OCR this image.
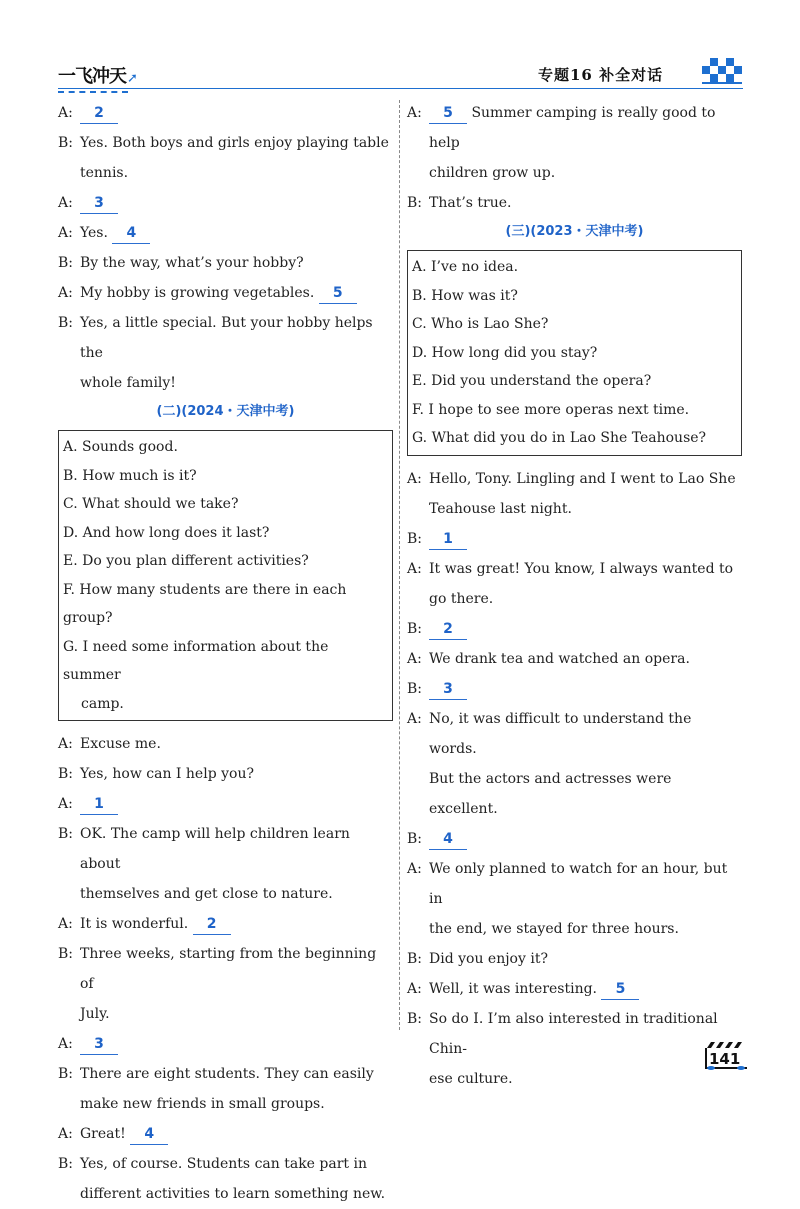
一飞冲天➚	专题16 补全对话
A:	2
B: Yes. Both boys and girls enjoy playing table
tennis.
A:	3
A: Yes. 4
B: By the way, what’s your hobby?
A: My hobby is growing vegetables. 5
B: Yes, a little special. But your hobby helps the
whole family!
(二)(2024・天津中考)
A. Sounds good.
B. How much is it?
C. What should we take?
D. And how long does it last?
E. Do you plan different activities?
F. How many students are there in each group?
G. I need some information about the summer
camp.
A: Excuse me.
B: Yes, how can I help you?
A:	1
B: OK. The camp will help children learn about
themselves and get close to nature.
A: It is wonderful. 2
B: Three weeks, starting from the beginning of
July.
A:	3
B: There are eight students. They can easily
make new friends in small groups.
A: Great! 4
B: Yes, of course. Students can take part in
different activities to learn something new.
A:	5 Summer camping is really good to help
children grow up.
B: That’s true.
(三)(2023・天津中考)
A. I’ve no idea.
B. How was it?
C. Who is Lao She?
D. How long did you stay?
E. Did you understand the opera?
F. I hope to see more operas next time.
G. What did you do in Lao She Teahouse?
A: Hello, Tony. Lingling and I went to Lao She
Teahouse last night.
B:	1
A: It was great! You know, I always wanted to
go there.
B:	2
A: We drank tea and watched an opera.
B:	3
A: No, it was difficult to understand the words.
But the actors and actresses were excellent.
B:	4
A: We only planned to watch for an hour, but in
the end, we stayed for three hours.
B: Did you enjoy it?
A: Well, it was interesting. 5
B: So do I. I’m also interested in traditional Chin-
ese culture.
141
